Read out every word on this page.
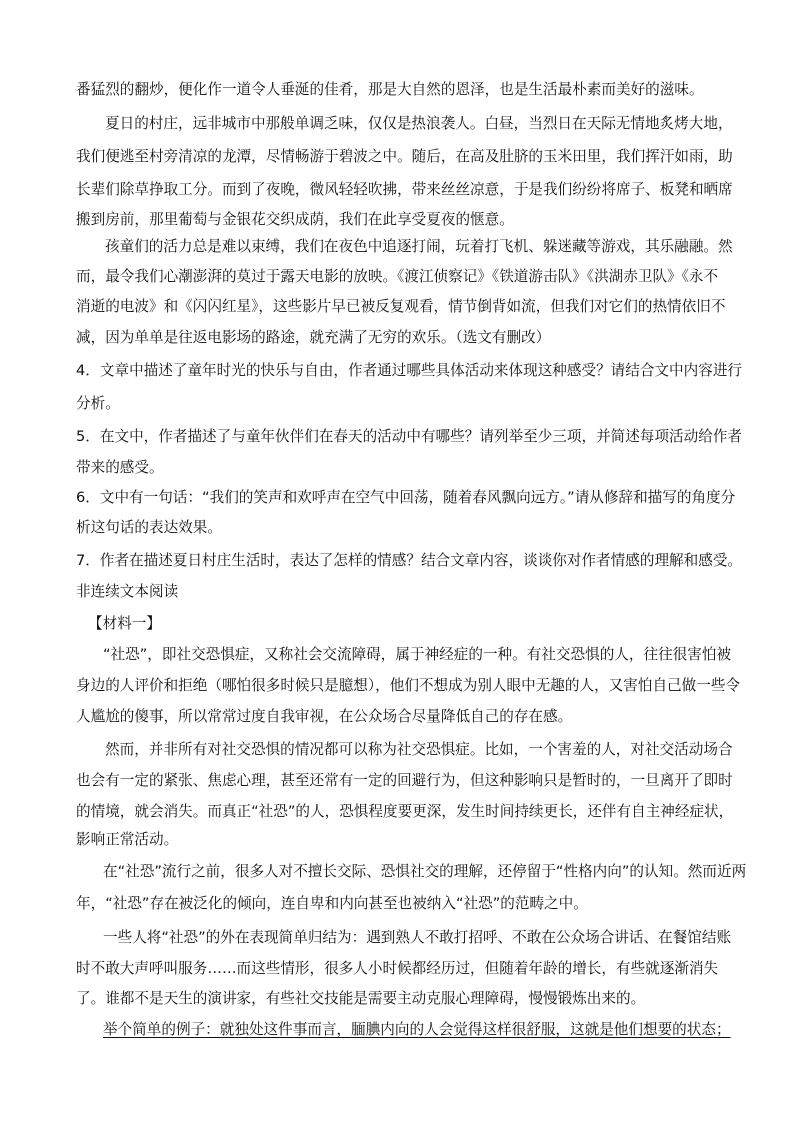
番猛烈的翻炒，便化作一道令人垂涎的佳肴，那是大自然的恩泽，也是生活最朴素而美好的滋味。
夏日的村庄，远非城市中那般单调乏味，仅仅是热浪袭人。白昼，当烈日在天际无情地炙烤大地，
我们便逃至村旁清凉的龙潭，尽情畅游于碧波之中。随后，在高及肚脐的玉米田里，我们挥汗如雨，助
长辈们除草挣取工分。而到了夜晚，微风轻轻吹拂，带来丝丝凉意，于是我们纷纷将席子、板凳和晒席
搬到房前，那里葡萄与金银花交织成荫，我们在此享受夏夜的惬意。
孩童们的活力总是难以束缚，我们在夜色中追逐打闹，玩着打飞机、躲迷藏等游戏，其乐融融。然
而，最令我们心潮澎湃的莫过于露天电影的放映。《渡江侦察记》《铁道游击队》《洪湖赤卫队》《永不
消逝的电波》和《闪闪红星》，这些影片早已被反复观看，情节倒背如流，但我们对它们的热情依旧不
减，因为单单是往返电影场的路途，就充满了无穷的欢乐。（选文有删改）
4．文章中描述了童年时光的快乐与自由，作者通过哪些具体活动来体现这种感受？请结合文中内容进行
分析。
5．在文中，作者描述了与童年伙伴们在春天的活动中有哪些？请列举至少三项，并简述每项活动给作者
带来的感受。
6．文中有一句话：“我们的笑声和欢呼声在空气中回荡，随着春风飘向远方。”请从修辞和描写的角度分
析这句话的表达效果。
7．作者在描述夏日村庄生活时，表达了怎样的情感？结合文章内容，谈谈你对作者情感的理解和感受。
非连续文本阅读
【材料一】
“社恐”，即社交恐惧症，又称社会交流障碍，属于神经症的一种。有社交恐惧的人，往往很害怕被
身边的人评价和拒绝（哪怕很多时候只是臆想），他们不想成为别人眼中无趣的人，又害怕自己做一些令
人尴尬的傻事，所以常常过度自我审视，在公众场合尽量降低自己的存在感。
然而，并非所有对社交恐惧的情况都可以称为社交恐惧症。比如，一个害羞的人，对社交活动场合
也会有一定的紧张、焦虑心理，甚至还常有一定的回避行为，但这种影响只是暂时的，一旦离开了即时
的情境，就会消失。而真正“社恐”的人，恐惧程度要更深，发生时间持续更长，还伴有自主神经症状，
影响正常活动。
在“社恐”流行之前，很多人对不擅长交际、恐惧社交的理解，还停留于“性格内向”的认知。然而近两
年，“社恐”存在被泛化的倾向，连自卑和内向甚至也被纳入“社恐”的范畴之中。
一些人将“社恐”的外在表现简单归结为：遇到熟人不敢打招呼、不敢在公众场合讲话、在餐馆结账
时不敢大声呼叫服务……而这些情形，很多人小时候都经历过，但随着年龄的增长，有些就逐渐消失
了。谁都不是天生的演讲家，有些社交技能是需要主动克服心理障碍，慢慢锻炼出来的。
举个简单的例子：就独处这件事而言，腼腆内向的人会觉得这样很舒服，这就是他们想要的状态；
